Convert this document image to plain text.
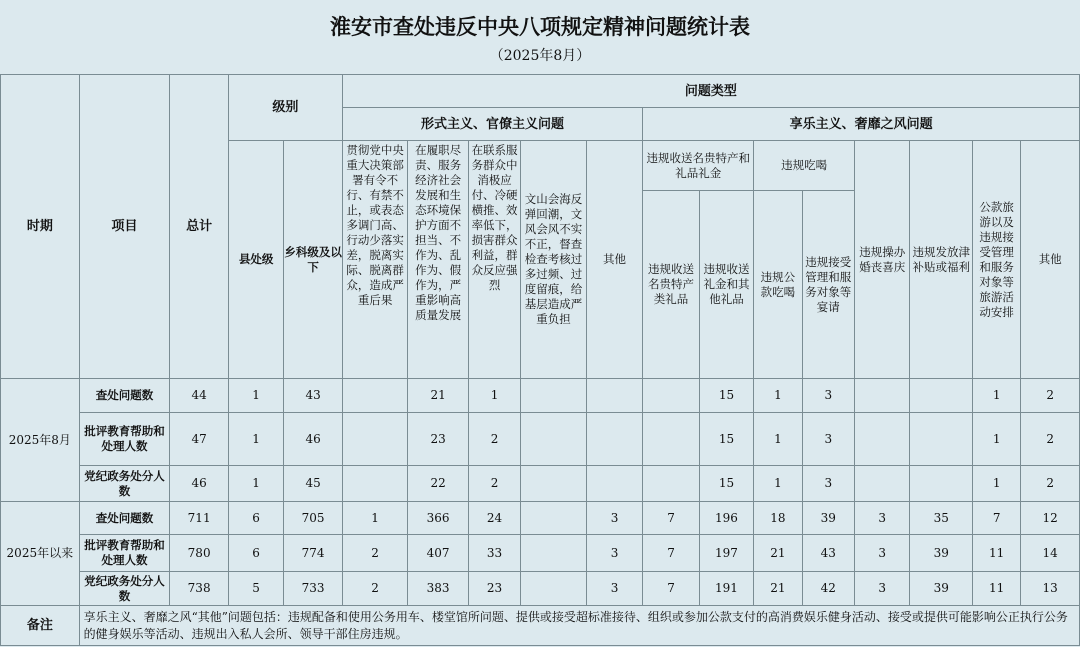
淮安市查处违反中央八项规定精神问题统计表
（2025年8月）
时期	项目	总计	级别		问题类型												
					形式主义、官僚主义问题					享乐主义、奢靡之风问题							
			县处级	乡科级及以下	贯彻党中央重大决策部署有令不行、有禁不止，或表态多调门高、行动少落实差，脱离实际、脱离群众，造成严重后果	在履职尽责、服务经济社会发展和生态环境保护方面不担当、不作为、乱作为、假作为，严重影响高质量发展	在联系服务群众中消极应付、冷硬横推、效率低下，损害群众利益，群众反应强烈	文山会海反弹回潮，文风会风不实不正，督查检查考核过多过频、过度留痕，给基层造成严重负担	其他	违规收送名贵特产和礼品礼金		违规吃喝		违规操办婚丧喜庆	违规发放津补贴或福利	公款旅游以及违规接受管理和服务对象等旅游活动安排	其他
										违规收送名贵特产类礼品	违规收送礼金和其他礼品	违规公款吃喝	违规接受管理和服务对象等宴请				
2025年8月	查处问题数	44	1	43		21	1				15	1	3			1	2
	批评教育帮助和处理人数	47	1	46		23	2				15	1	3			1	2
	党纪政务处分人数	46	1	45		22	2				15	1	3			1	2
2025年以来	查处问题数	711	6	705	1	366	24		3	7	196	18	39	3	35	7	12
	批评教育帮助和处理人数	780	6	774	2	407	33		3	7	197	21	43	3	39	11	14
	党纪政务处分人数	738	5	733	2	383	23		3	7	191	21	42	3	39	11	13
备注	享乐主义、奢靡之风“其他”问题包括：违规配备和使用公务用车、楼堂馆所问题、提供或接受超标准接待、组织或参加公款支付的高消费娱乐健身活动、接受或提供可能影响公正执行公务的健身娱乐等活动、违规出入私人会所、领导干部住房违规。																
